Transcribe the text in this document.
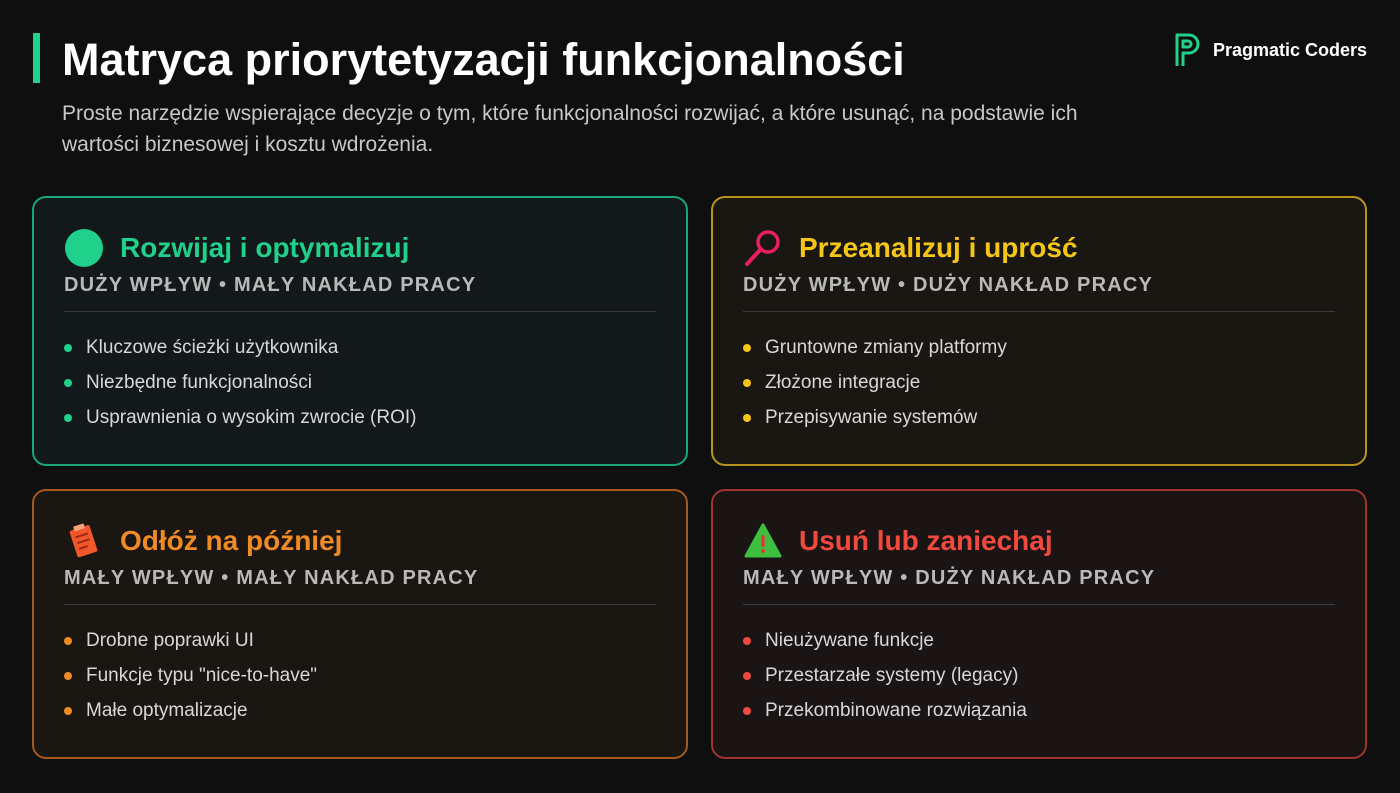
Matryca priorytetyzacji funkcjonalności

Proste narzędzie wspierające decyzje o tym, które funkcjonalności rozwijać, a które usunąć, na podstawie ich wartości biznesowej i kosztu wdrożenia.

Pragmatic Coders
Rozwijaj i optymalizuj
DUŻY WPŁYW • MAŁY NAKŁAD PRACY
Kluczowe ścieżki użytkownika
Niezbędne funkcjonalności
Usprawnienia o wysokim zwrocie (ROI)
Przeanalizuj i uprość
DUŻY WPŁYW • DUŻY NAKŁAD PRACY
Gruntowne zmiany platformy
Złożone integracje
Przepisywanie systemów
Odłóż na później
MAŁY WPŁYW • MAŁY NAKŁAD PRACY
Drobne poprawki UI
Funkcje typu "nice-to-have"
Małe optymalizacje
Usuń lub zaniechaj
MAŁY WPŁYW • DUŻY NAKŁAD PRACY
Nieużywane funkcje
Przestarzałe systemy (legacy)
Przekombinowane rozwiązania
